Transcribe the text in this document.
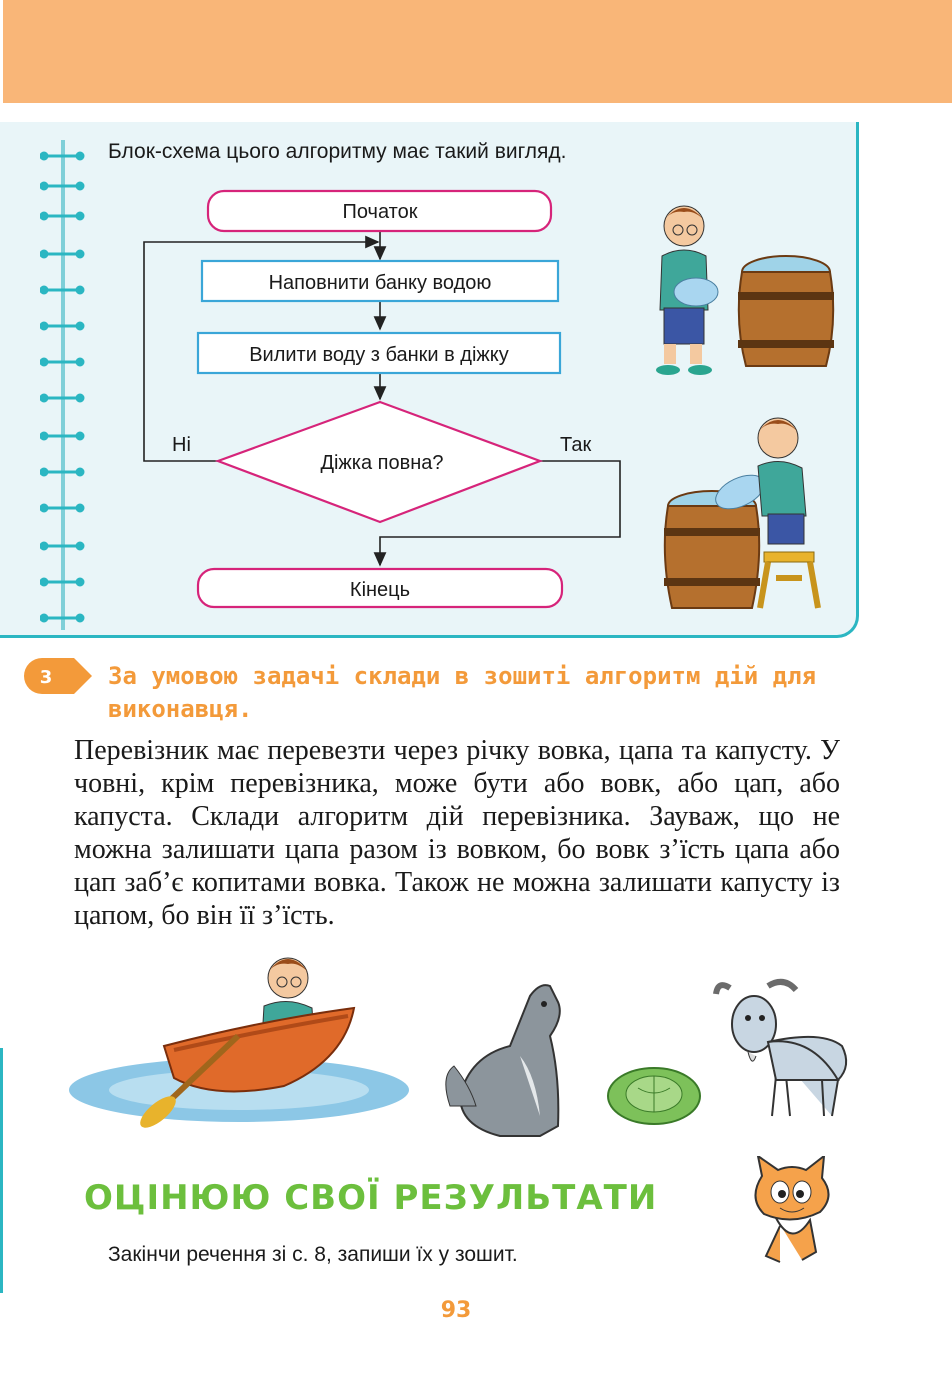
Блок-схема цього алгоритму має такий вигляд.
Початок
Наповнити банку водою
Вилити воду з банки в діжку
Діжка повна?
Ні	Так
Кінець
3 За умовою задачі склади в зошиті алгоритм дій для виконавця.
Перевізник має перевезти через річку вовка, цапа та капусту. У човні, крім перевізника, може бути або вовк, або цап, або капуста. Склади алгоритм дій перевізника. Зауваж, що не можна залишати цапа разом із вовком, бо вовк з’їсть цапа або цап заб’є копитами вовка. Також не можна залишати капусту із цапом, бо він її з’їсть.
ОЦІНЮЮ СВОЇ РЕЗУЛЬТАТИ
Закінчи речення зі с. 8, запиши їх у зошит.
93
